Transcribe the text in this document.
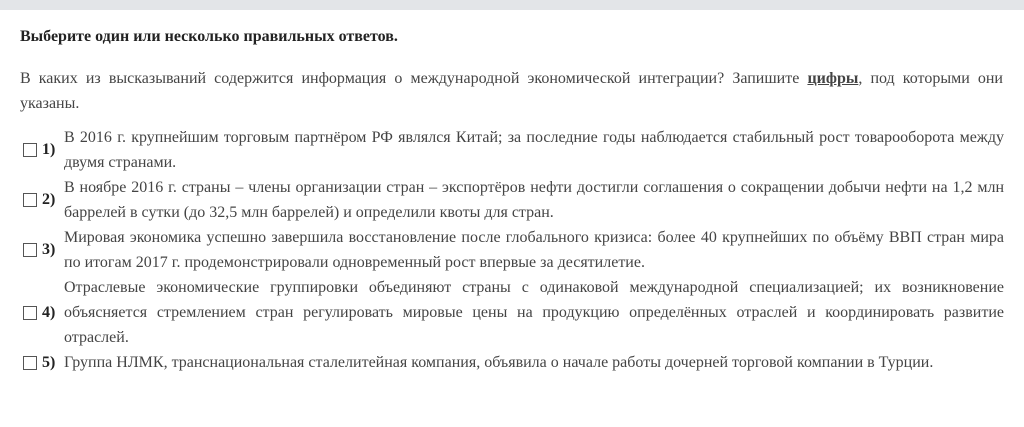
Выберите один или несколько правильных ответов.
В каких из высказываний содержится информация о международной экономической интеграции? Запишите цифры, под которыми они указаны.
1)
В 2016 г. крупнейшим торговым партнёром РФ являлся Китай; за последние годы наблюдается стабильный рост товарооборота между двумя странами.
2)
В ноябре 2016 г. страны – члены организации стран – экспортёров нефти достигли соглашения о сокращении добычи нефти на 1,2 млн баррелей в сутки (до 32,5 млн баррелей) и определили квоты для стран.
3)
Мировая экономика успешно завершила восстановление после глобального кризиса: более 40 крупнейших по объёму ВВП стран мира по итогам 2017 г. продемонстрировали одновременный рост впервые за десятилетие.
4)
Отраслевые экономические группировки объединяют страны с одинаковой международной специализацией; их возникновение объясняется стремлением стран регулировать мировые цены на продукцию определённых отраслей и координировать развитие отраслей.
5) Группа НЛМК, транснациональная сталелитейная компания, объявила о начале работы дочерней торговой компании в Турции.
